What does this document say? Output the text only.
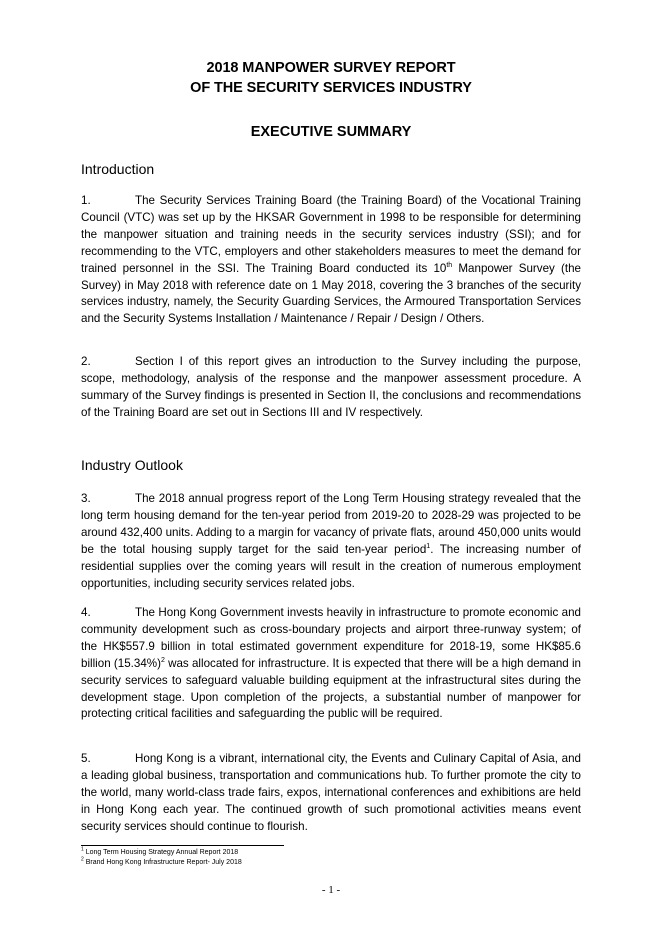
2018 MANPOWER SURVEY REPORT
OF THE SECURITY SERVICES INDUSTRY
EXECUTIVE SUMMARY
Introduction

1.	The Security Services Training Board (the Training Board) of the Vocational Training Council (VTC) was set up by the HKSAR Government in 1998 to be responsible for determining the manpower situation and training needs in the security services industry (SSI); and for recommending to the VTC, employers and other stakeholders measures to meet the demand for trained personnel in the SSI. The Training Board conducted its 10th Manpower Survey (the Survey) in May 2018 with reference date on 1 May 2018, covering the 3 branches of the security services industry, namely, the Security Guarding Services, the Armoured Transportation Services and the Security Systems Installation / Maintenance / Repair / Design / Others.

2.	Section I of this report gives an introduction to the Survey including the purpose, scope, methodology, analysis of the response and the manpower assessment procedure. A summary of the Survey findings is presented in Section II, the conclusions and recommendations of the Training Board are set out in Sections III and IV respectively.

Industry Outlook

3.	The 2018 annual progress report of the Long Term Housing strategy revealed that the long term housing demand for the ten-year period from 2019-20 to 2028-29 was projected to be around 432,400 units. Adding to a margin for vacancy of private flats, around 450,000 units would be the total housing supply target for the said ten-year period$^1$. The increasing number of residential supplies over the coming years will result in the creation of numerous employment opportunities, including security services related jobs.

4.	The Hong Kong Government invests heavily in infrastructure to promote economic and community development such as cross-boundary projects and airport three-runway system; of the HK$557.9 billion in total estimated government expenditure for 2018-19, some HK$85.6 billion $(15.34\%)^2$ was allocated for infrastructure. It is expected that there will be a high demand in security services to safeguard valuable building equipment at the infrastructural sites during the development stage. Upon completion of the projects, a substantial number of manpower for protecting critical facilities and safeguarding the public will be required.

5.	Hong Kong is a vibrant, international city, the Events and Culinary Capital of Asia, and a leading global business, transportation and communications hub. To further promote the city to the world, many world-class trade fairs, expos, international conferences and exhibitions are held in Hong Kong each year. The continued growth of such promotional activities means event security services should continue to flourish.

$^1$ Long Term Housing Strategy Annual Report 2018
$^2$ Brand Hong Kong Infrastructure Report- July 2018
- 1 -
